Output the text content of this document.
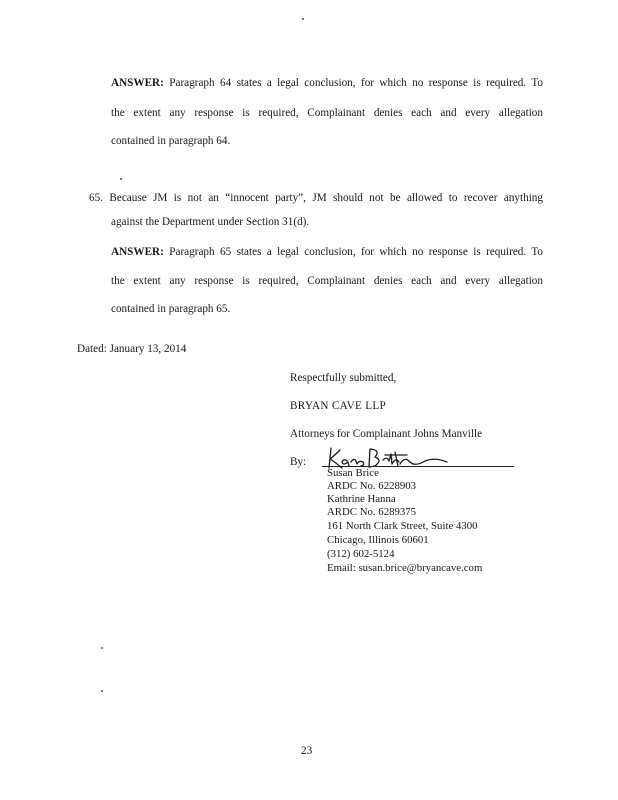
ANSWER: Paragraph 64 states a legal conclusion, for which no response is required. To
the extent any response is required, Complainant denies each and every allegation
contained in paragraph 64.
65. Because JM is not an “innocent party”, JM should not be allowed to recover anything
against the Department under Section 31(d).
ANSWER: Paragraph 65 states a legal conclusion, for which no response is required. To
the extent any response is required, Complainant denies each and every allegation
contained in paragraph 65.
Dated: January 13, 2014
Respectfully submitted,
BRYAN CAVE LLP
Attorneys for Complainant Johns Manville
By:
Susan Brice
ARDC No. 6228903
Kathrine Hanna
ARDC No. 6289375
161 North Clark Street, Suite 4300
Chicago, Illinois 60601
(312) 602-5124
Email: susan.brice@bryancave.com
23
